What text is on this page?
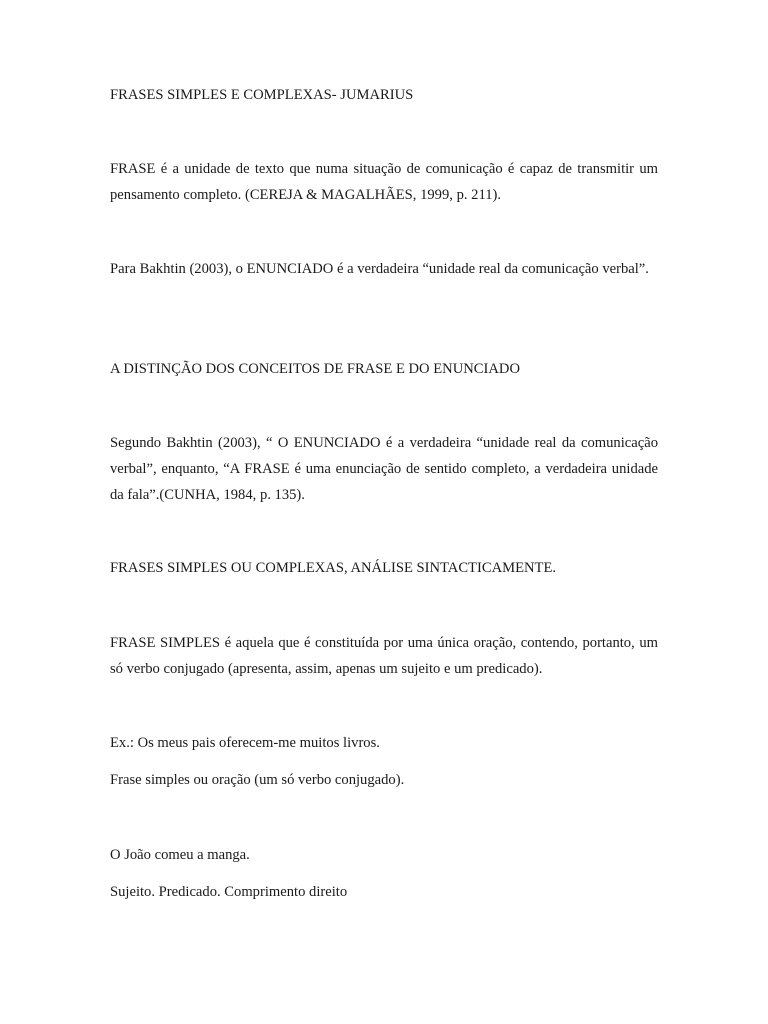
FRASES SIMPLES E COMPLEXAS- JUMARIUS

FRASE é a unidade de texto que numa situação de comunicação é capaz de transmitir um pensamento completo. (CEREJA & MAGALHÃES, 1999, p. 211).

Para Bakhtin (2003), o ENUNCIADO é a verdadeira “unidade real da comunicação verbal”.

A DISTINÇÃO DOS CONCEITOS DE FRASE E DO ENUNCIADO

Segundo Bakhtin (2003), “ O ENUNCIADO é a verdadeira “unidade real da comunicação verbal”, enquanto, “A FRASE é uma enunciação de sentido completo, a verdadeira unidade da fala”.(CUNHA, 1984, p. 135).

FRASES SIMPLES OU COMPLEXAS, ANÁLISE SINTACTICAMENTE.

FRASE SIMPLES é aquela que é constituída por uma única oração, contendo, portanto, um só verbo conjugado (apresenta, assim, apenas um sujeito e um predicado).

Ex.: Os meus pais oferecem-me muitos livros.

Frase simples ou oração (um só verbo conjugado).

O João comeu a manga.

Sujeito. Predicado. Comprimento direito
